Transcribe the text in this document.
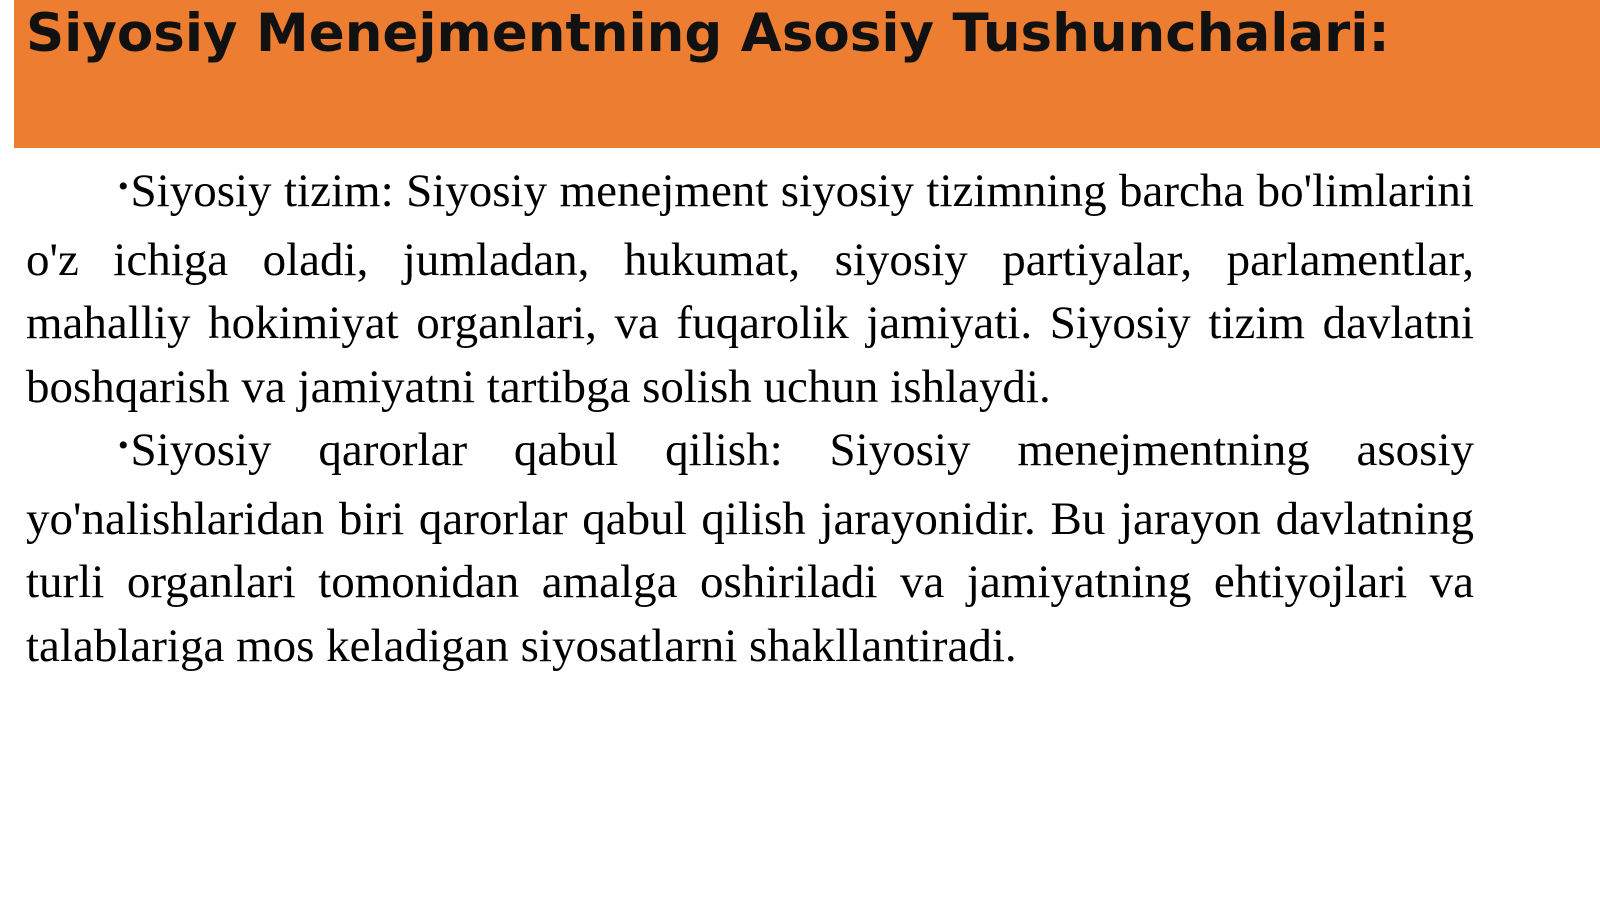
Siyosiy Menejmentning Asosiy Tushunchalari:

•Siyosiy tizim: Siyosiy menejment siyosiy tizimning barcha bo'limlarini o'z ichiga oladi, jumladan, hukumat, siyosiy partiyalar, parlamentlar, mahalliy hokimiyat organlari, va fuqarolik jamiyati. Siyosiy tizim davlatni boshqarish va jamiyatni tartibga solish uchun ishlaydi.

•Siyosiy qarorlar qabul qilish: Siyosiy menejmentning asosiy yo'nalishlaridan biri qarorlar qabul qilish jarayonidir. Bu jarayon davlatning turli organlari tomonidan amalga oshiriladi va jamiyatning ehtiyojlari va talablariga mos keladigan siyosatlarni shakllantiradi.
